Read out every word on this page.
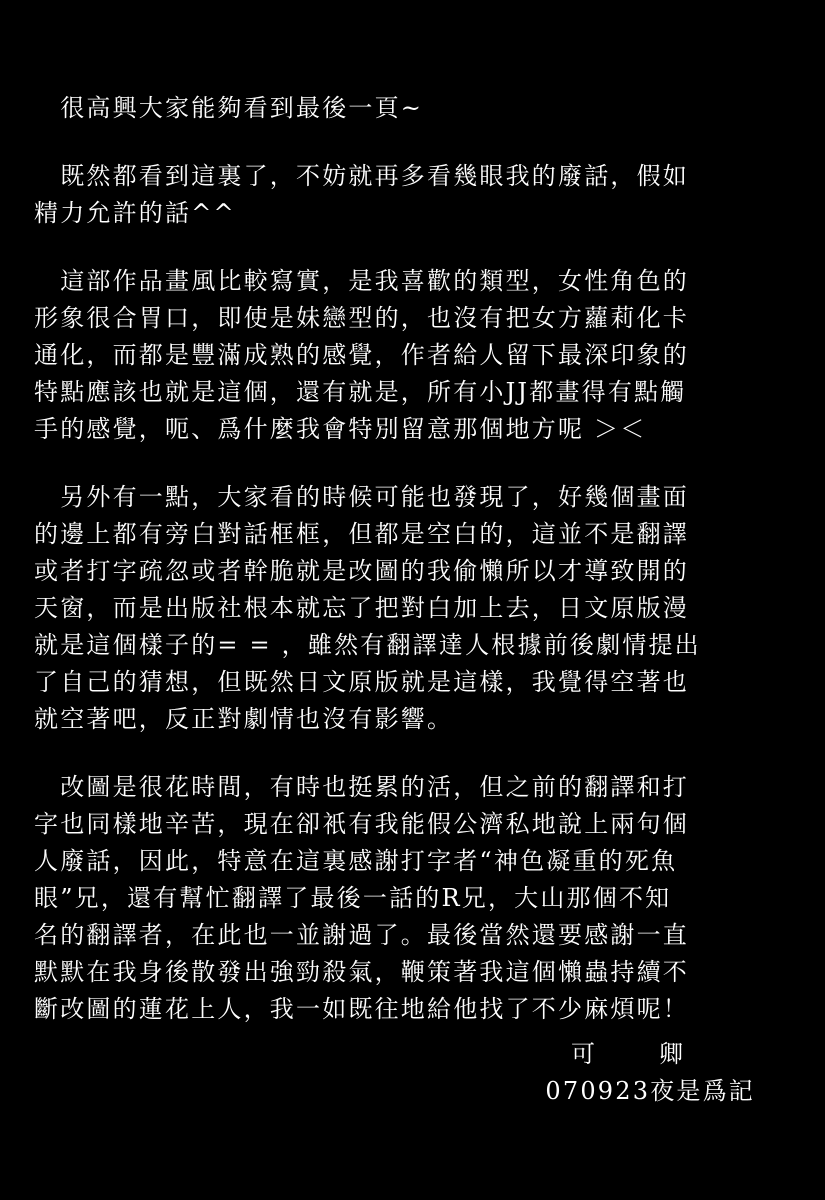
　很高興大家能夠看到最後一頁~

　既然都看到這裏了，不妨就再多看幾眼我的廢話，假如
精力允許的話^^

　這部作品畫風比較寫實，是我喜歡的類型，女性角色的
形象很合胃口，即使是妹戀型的，也沒有把女方蘿莉化卡
通化，而都是豐滿成熟的感覺，作者給人留下最深印象的
特點應該也就是這個，還有就是，所有小JJ都畫得有點觸
手的感覺，呃、爲什麼我會特別留意那個地方呢 ＞＜

　另外有一點，大家看的時候可能也發現了，好幾個畫面
的邊上都有旁白對話框框，但都是空白的，這並不是翻譯
或者打字疏忽或者幹脆就是改圖的我偷懶所以才導致開的
天窗，而是出版社根本就忘了把對白加上去，日文原版漫
就是這個樣子的= = ，雖然有翻譯達人根據前後劇情提出
了自己的猜想，但既然日文原版就是這樣，我覺得空著也
就空著吧，反正對劇情也沒有影響。

　改圖是很花時間，有時也挺累的活，但之前的翻譯和打
字也同樣地辛苦，現在卻衹有我能假公濟私地說上兩句個
人廢話，因此，特意在這裏感謝打字者“神色凝重的死魚
眼”兄，還有幫忙翻譯了最後一話的R兄，大山那個不知
名的翻譯者，在此也一並謝過了。最後當然還要感謝一直
默默在我身後散發出強勁殺氣，鞭策著我這個懶蟲持續不
斷改圖的蓮花上人，我一如既往地給他找了不少麻煩呢！

可　卿
070923夜是爲記
